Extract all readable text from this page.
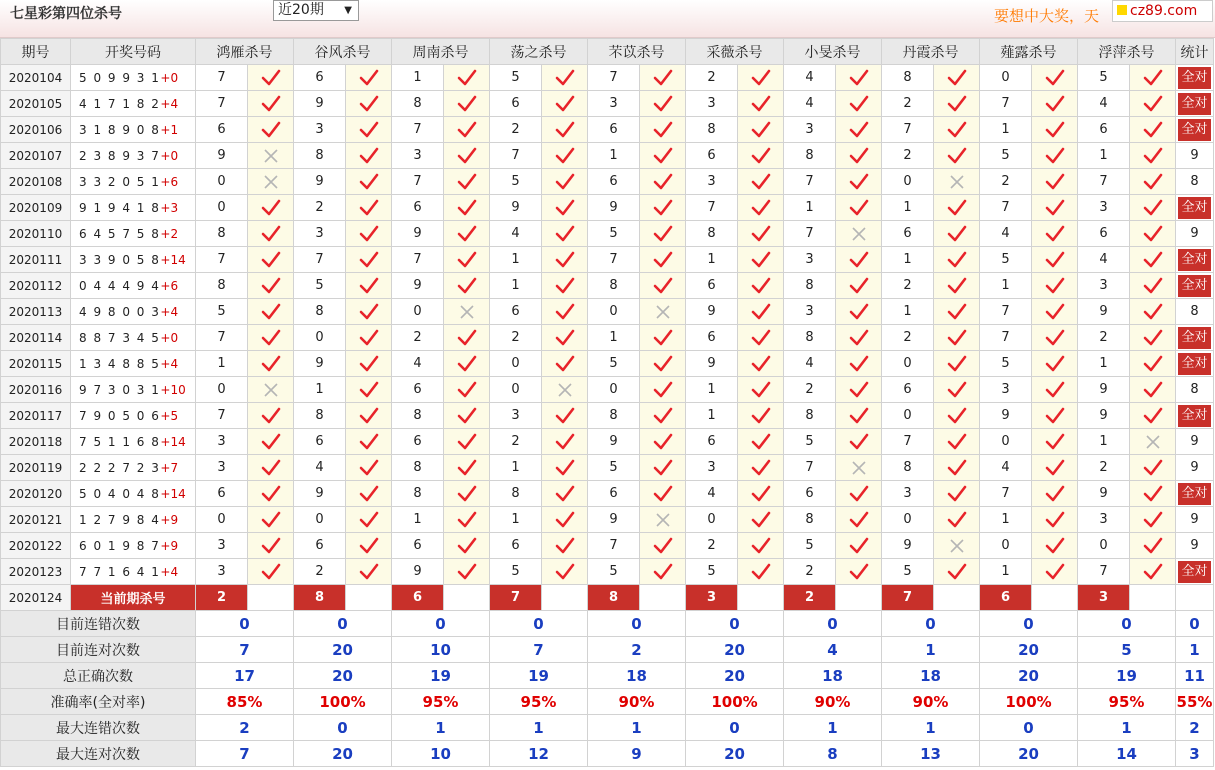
七星彩第四位杀号	近20期 ▼	要想中大奖，天	cz89.com
期号	开奖号码	鸿雁杀号		谷风杀号		周南杀号		荡之杀号		芣苡杀号		采薇杀号		小旻杀号		丹霞杀号		薤露杀号		浮萍杀号		统计
2020104	5 0 9 9 3 1+0	7		6		1		5		7		2		4		8		0		5		全对

2020105	4 1 7 1 8 2+4	7		9		8		6		3		3		4		2		7		4		全对

2020106	3 1 8 9 0 8+1	6		3		7		2		6		8		3		7		1		6		全对

2020107	2 3 8 9 3 7+0	9		8		3		7		1		6		8		2		5		1		9
2020108	3 3 2 0 5 1+6	0		9		7		5		6		3		7		0		2		7		8
2020109	9 1 9 4 1 8+3	0		2		6		9		9		7		1		1		7		3		全对

2020110	6 4 5 7 5 8+2	8		3		9		4		5		8		7		6		4		6		9
2020111	3 3 9 0 5 8+14	7		7		7		1		7		1		3		1		5		4		全对

2020112	0 4 4 4 9 4+6	8		5		9		1		8		6		8		2		1		3		全对

2020113	4 9 8 0 0 3+4	5		8		0		6		0		9		3		1		7		9		8
2020114	8 8 7 3 4 5+0	7		0		2		2		1		6		8		2		7		2		全对

2020115	1 3 4 8 8 5+4	1		9		4		0		5		9		4		0		5		1		全对

2020116	9 7 3 0 3 1+10	0		1		6		0		0		1		2		6		3		9		8
2020117	7 9 0 5 0 6+5	7		8		8		3		8		1		8		0		9		9		全对

2020118	7 5 1 1 6 8+14	3		6		6		2		9		6		5		7		0		1		9
2020119	2 2 2 7 2 3+7	3		4		8		1		5		3		7		8		4		2		9
2020120	5 0 4 0 4 8+14	6		9		8		8		6		4		6		3		7		9		全对

2020121	1 2 7 9 8 4+9	0		0		1		1		9		0		8		0		1		3		9
2020122	6 0 1 9 8 7+9	3		6		6		6		7		2		5		9		0		0		9
2020123	7 7 1 6 4 1+4	3		2		9		5		5		5		2		5		1		7		全对

2020124	当前期杀号	2		8		6		7		8		3		2		7		6		3		
目前连错次数		0		0		0		0		0		0		0		0		0		0		0
目前连对次数		7		20		10		7		2		20		4		1		20		5		1
总正确次数		17		20		19		19		18		20		18		18		20		19		11
准确率(全对率)		85%		100%		95%		95%		90%		100%		90%		90%		100%		95%		55%
最大连错次数		2		0		1		1		1		0		1		1		0		1		2
最大连对次数		7		20		10		12		9		20		8		13		20		14		3
